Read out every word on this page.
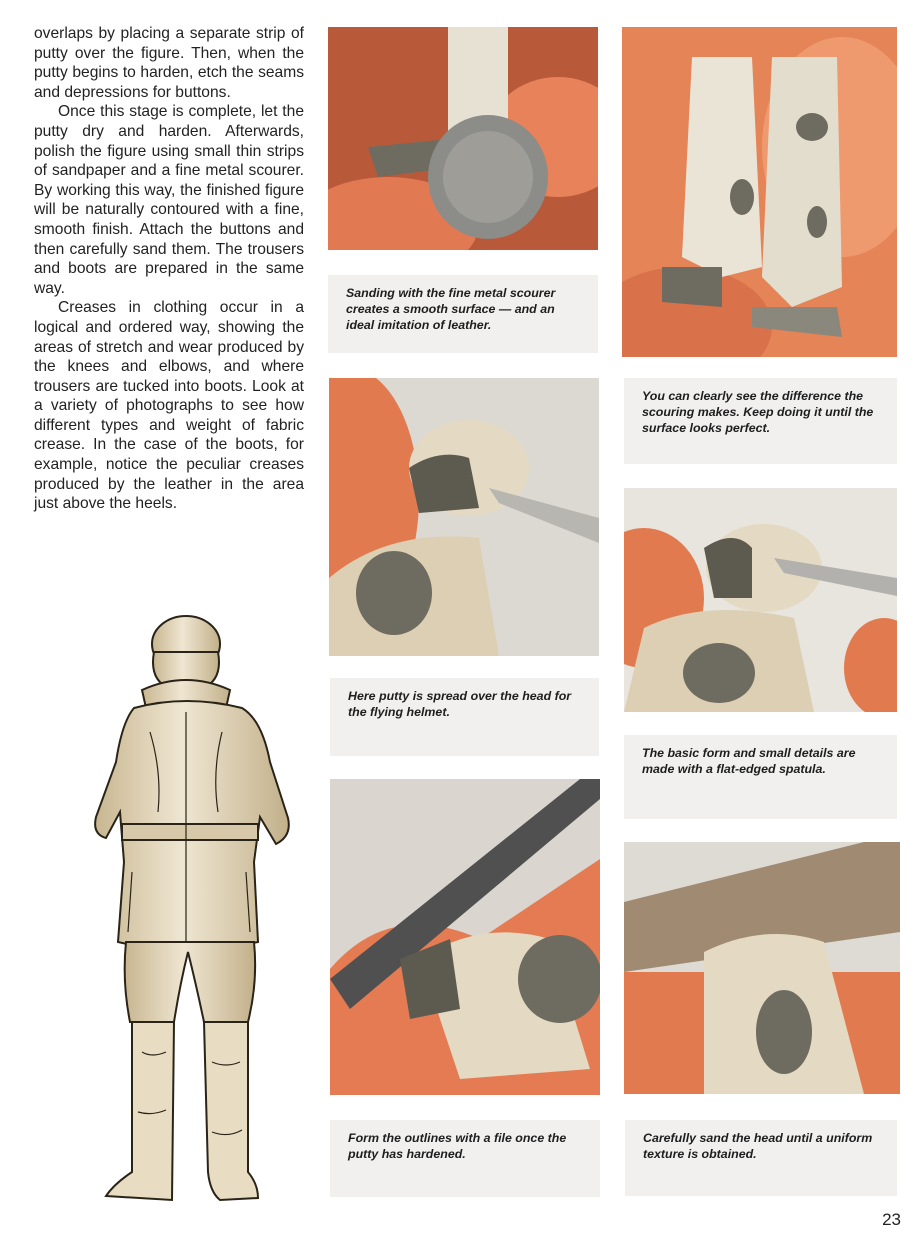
overlaps by placing a separate strip of putty over the figure. Then, when the putty begins to harden, etch the seams and depressions for buttons.

Once this stage is complete, let the putty dry and harden. Afterwards, polish the figure using small thin strips of sandpaper and a fine metal scourer. By working this way, the finished figure will be naturally contoured with a fine, smooth finish. Attach the buttons and then carefully sand them. The trousers and boots are prepared in the same way.

Creases in clothing occur in a logical and ordered way, showing the areas of stretch and wear produced by the knees and elbows, and where trousers are tucked into boots. Look at a variety of photographs to see how different types and weight of fabric crease. In the case of the boots, for example, notice the peculiar creases produced by the leather in the area just above the heels.

Sanding with the fine metal scourer creates a smooth surface — and an ideal imitation of leather.
You can clearly see the difference the scouring makes. Keep doing it until the surface looks perfect.
Here putty is spread over the head for the flying helmet.
The basic form and small details are made with a flat-edged spatula.
Form the outlines with a file once the putty has hardened.
Carefully sand the head until a uniform texture is obtained.
23
